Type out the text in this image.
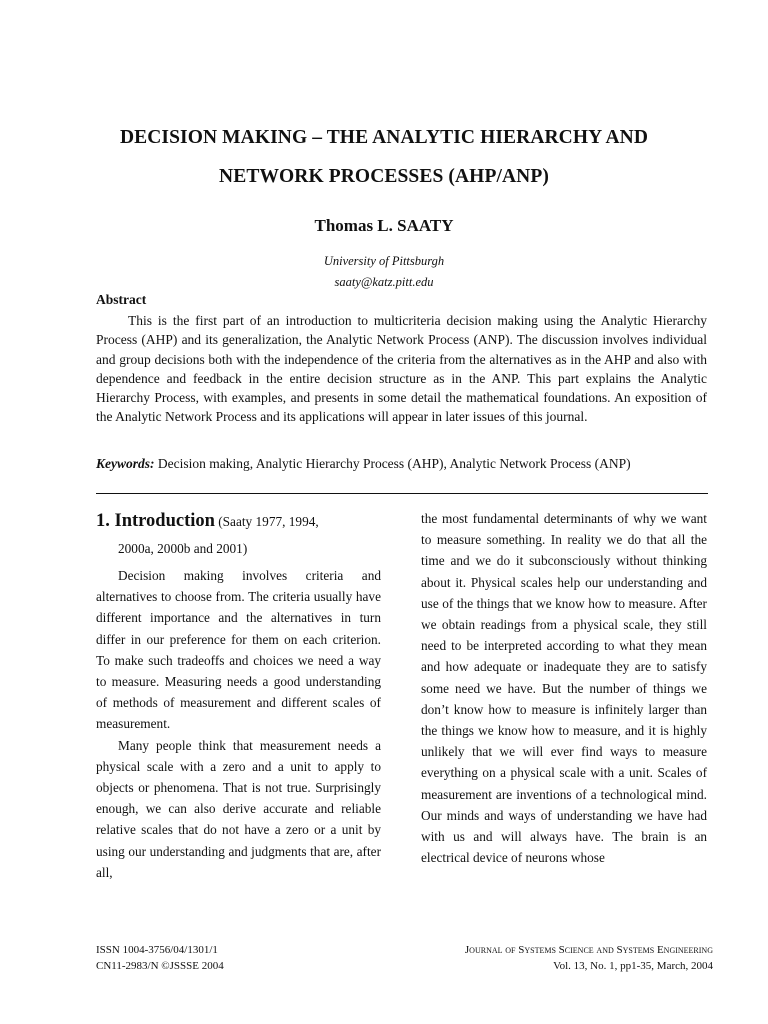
DECISION MAKING – THE ANALYTIC HIERARCHY AND
NETWORK PROCESSES (AHP/ANP)
Thomas L. SAATY
University of Pittsburgh
saaty@katz.pitt.edu
Abstract

This is the first part of an introduction to multicriteria decision making using the Analytic Hierarchy Process (AHP) and its generalization, the Analytic Network Process (ANP). The discussion involves individual and group decisions both with the independence of the criteria from the alternatives as in the AHP and also with dependence and feedback in the entire decision structure as in the ANP. This part explains the Analytic Hierarchy Process, with examples, and presents in some detail the mathematical foundations. An exposition of the Analytic Network Process and its applications will appear in later issues of this journal.

Keywords: Decision making, Analytic Hierarchy Process (AHP), Analytic Network Process (ANP)
1. Introduction (Saaty 1977, 1994,
2000a, 2000b and 2001)

Decision making involves criteria and alternatives to choose from. The criteria usually have different importance and the alternatives in turn differ in our preference for them on each criterion. To make such tradeoffs and choices we need a way to measure. Measuring needs a good understanding of methods of measurement and different scales of measurement.

Many people think that measurement needs a physical scale with a zero and a unit to apply to objects or phenomena. That is not true. Surprisingly enough, we can also derive accurate and reliable relative scales that do not have a zero or a unit by using our understanding and judgments that are, after all,

the most fundamental determinants of why we want to measure something. In reality we do that all the time and we do it subconsciously without thinking about it. Physical scales help our understanding and use of the things that we know how to measure. After we obtain readings from a physical scale, they still need to be interpreted according to what they mean and how adequate or inadequate they are to satisfy some need we have. But the number of things we don’t know how to measure is infinitely larger than the things we know how to measure, and it is highly unlikely that we will ever find ways to measure everything on a physical scale with a unit. Scales of measurement are inventions of a technological mind. Our minds and ways of understanding we have had with us and will always have. The brain is an electrical device of neurons whose

ISSN 1004-3756/04/1301/1
CN11-2983/N ©JSSSE 2004
Journal of Systems Science and Systems Engineering
Vol. 13, No. 1, pp1-35, March, 2004
